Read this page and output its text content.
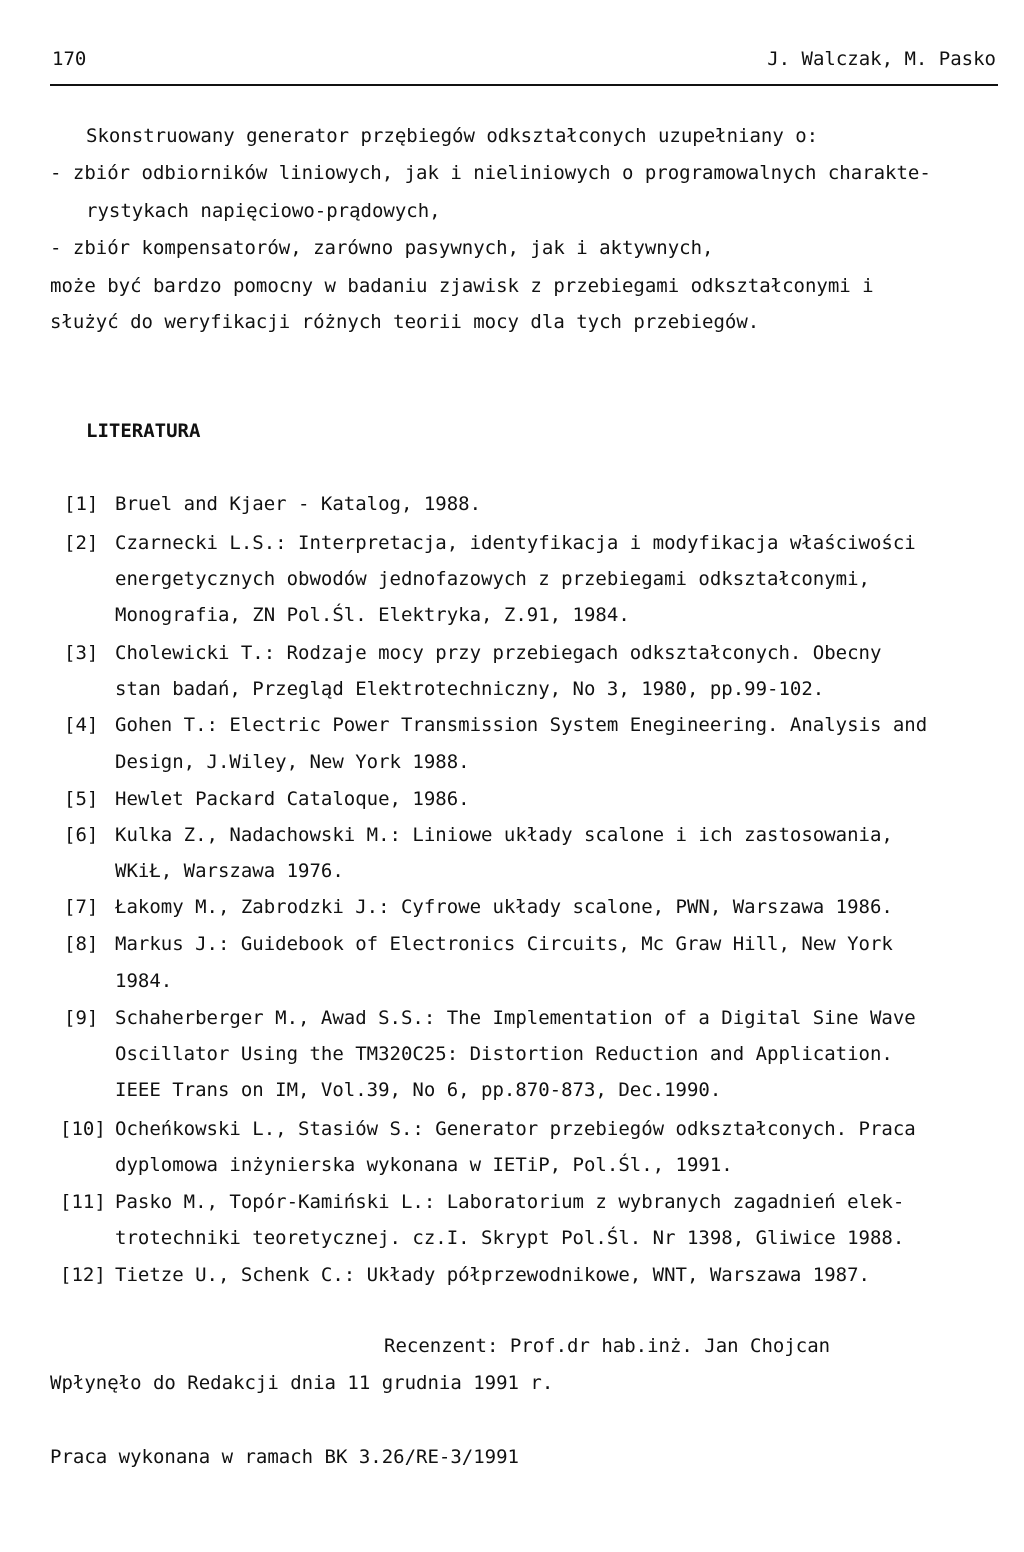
170	J. Walczak, M. Pasko
Skonstruowany generator przębiegów odkształconych uzupełniany o:
- zbiór odbiorników liniowych, jak i nieliniowych o programowalnych charakte-
rystykach napięciowo-prądowych,
- zbiór kompensatorów, zarówno pasywnych, jak i aktywnych,
może być bardzo pomocny w badaniu zjawisk z przebiegami odkształconymi i
służyć do weryfikacji różnych teorii mocy dla tych przebiegów.
LITERATURA
[1] Bruel and Kjaer - Katalog, 1988.
[2] Czarnecki L.S.: Interpretacja, identyfikacja i modyfikacja właściwości
energetycznych obwodów jednofazowych z przebiegami odkształconymi,
Monografia, ZN Pol.Śl. Elektryka, Z.91, 1984.
[3] Cholewicki T.: Rodzaje mocy przy przebiegach odkształconych. Obecny
stan badań, Przegląd Elektrotechniczny, No 3, 1980, pp.99-102.
[4] Gohen T.: Electric Power Transmission System Enegineering. Analysis and
Design, J.Wiley, New York 1988.
[5] Hewlet Packard Cataloque, 1986.
[6] Kulka Z., Nadachowski M.: Liniowe układy scalone i ich zastosowania,
WKiŁ, Warszawa 1976.
[7] Łakomy M., Zabrodzki J.: Cyfrowe układy scalone, PWN, Warszawa 1986.
[8] Markus J.: Guidebook of Electronics Circuits, Mc Graw Hill, New York
1984.
[9] Schaherberger M., Awad S.S.: The Implementation of a Digital Sine Wave
Oscillator Using the TM320C25: Distortion Reduction and Application.
IEEE Trans on IM, Vol.39, No 6, pp.870-873, Dec.1990.
[10] Ocheńkowski L., Stasiów S.: Generator przebiegów odkształconych. Praca
dyplomowa inżynierska wykonana w IETiP, Pol.Śl., 1991.
[11] Pasko M., Topór-Kamiński L.: Laboratorium z wybranych zagadnień elek-
trotechniki teoretycznej. cz.I. Skrypt Pol.Śl. Nr 1398, Gliwice 1988.
[12] Tietze U., Schenk C.: Układy półprzewodnikowe, WNT, Warszawa 1987.
Recenzent: Prof.dr hab.inż. Jan Chojcan
Wpłynęło do Redakcji dnia 11 grudnia 1991 r.
Praca wykonana w ramach BK 3.26/RE-3/1991
